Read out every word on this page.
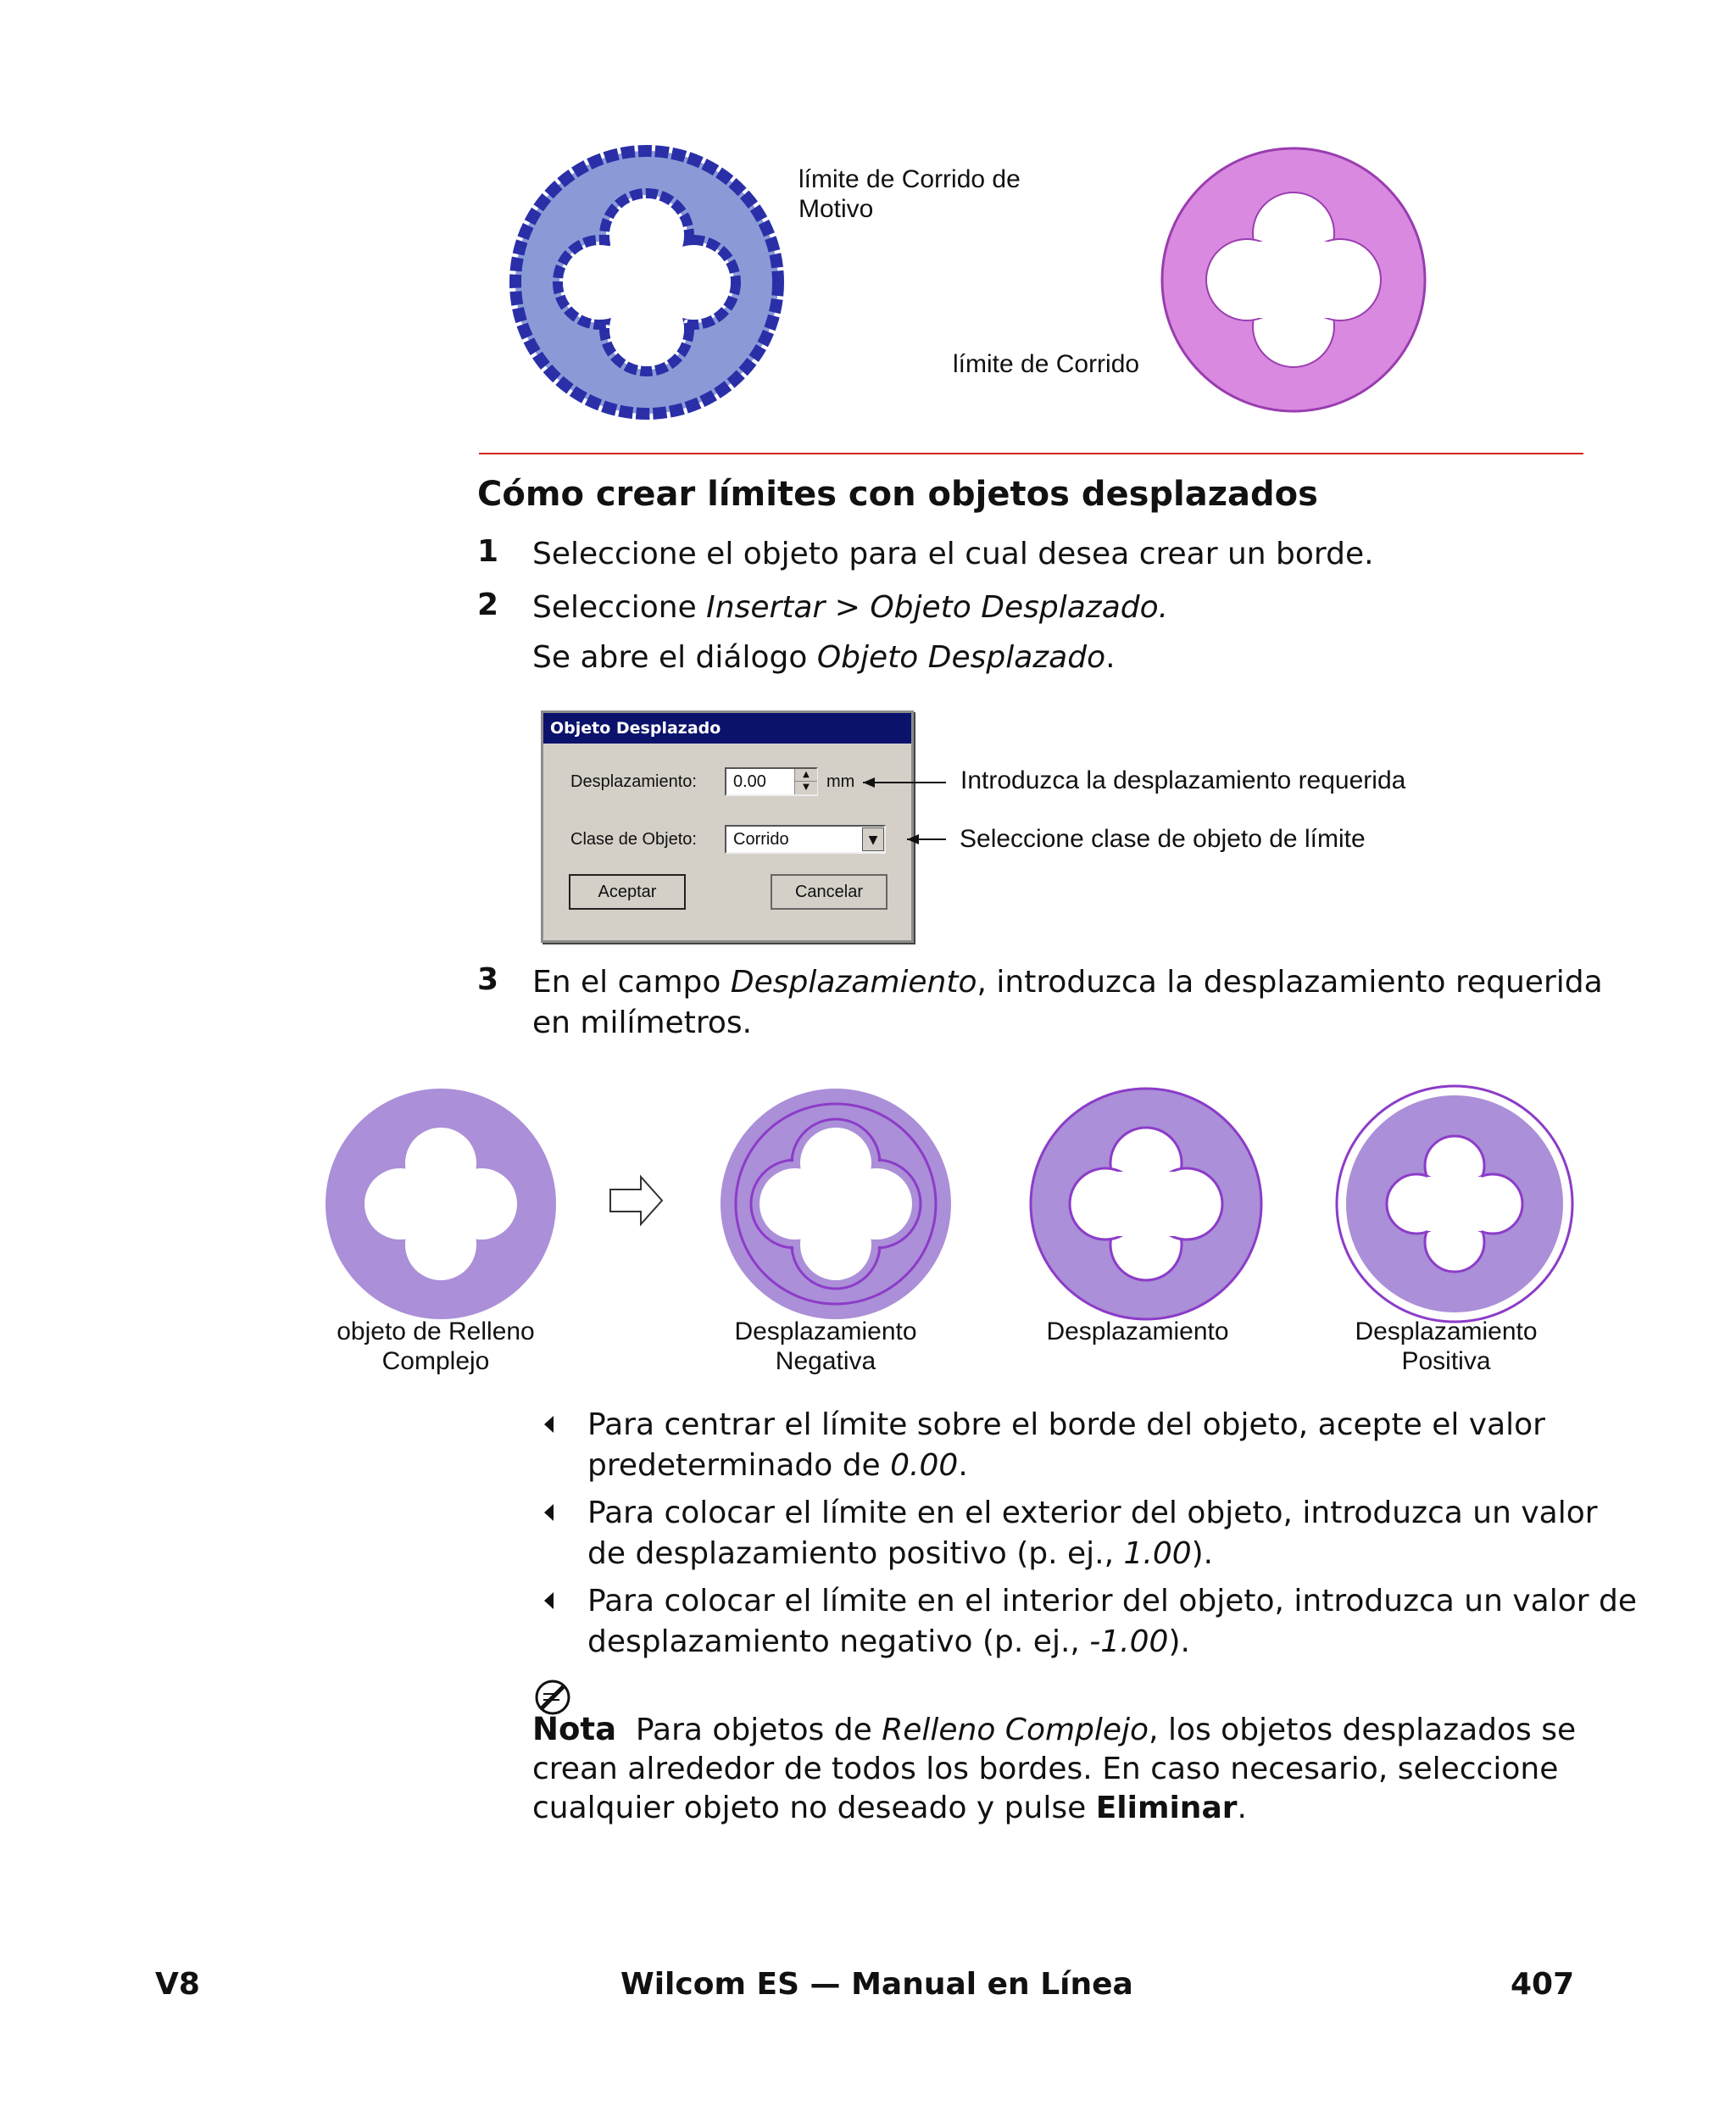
límite de Corrido de
Motivo
límite de Corrido
Cómo crear límites con objetos desplazados
1 Seleccione el objeto para el cual desea crear un borde.
2 Seleccione Insertar > Objeto Desplazado.
Se abre el diálogo Objeto Desplazado.
Objeto Desplazado
Desplazamiento:	0.00	▲
▼	mm
Clase de Objeto:	Corrido	▼
Aceptar	Cancelar
Introduzca la desplazamiento requerida
Seleccione clase de objeto de límite
3 En el campo Desplazamiento, introduzca la desplazamiento requerida
en milímetros.
objeto de Relleno
Complejo
Desplazamiento
Negativa
Desplazamiento	Desplazamiento
Positiva
Para centrar el límite sobre el borde del objeto, acepte el valor
predeterminado de 0.00.
Para colocar el límite en el exterior del objeto, introduzca un valor
de desplazamiento positivo (p. ej., 1.00).
Para colocar el límite en el interior del objeto, introduzca un valor de
desplazamiento negativo (p. ej., -1.00).
Nota  Para objetos de Relleno Complejo, los objetos desplazados se
crean alrededor de todos los bordes. En caso necesario, seleccione
cualquier objeto no deseado y pulse Eliminar.
V8	Wilcom ES — Manual en Línea	407
